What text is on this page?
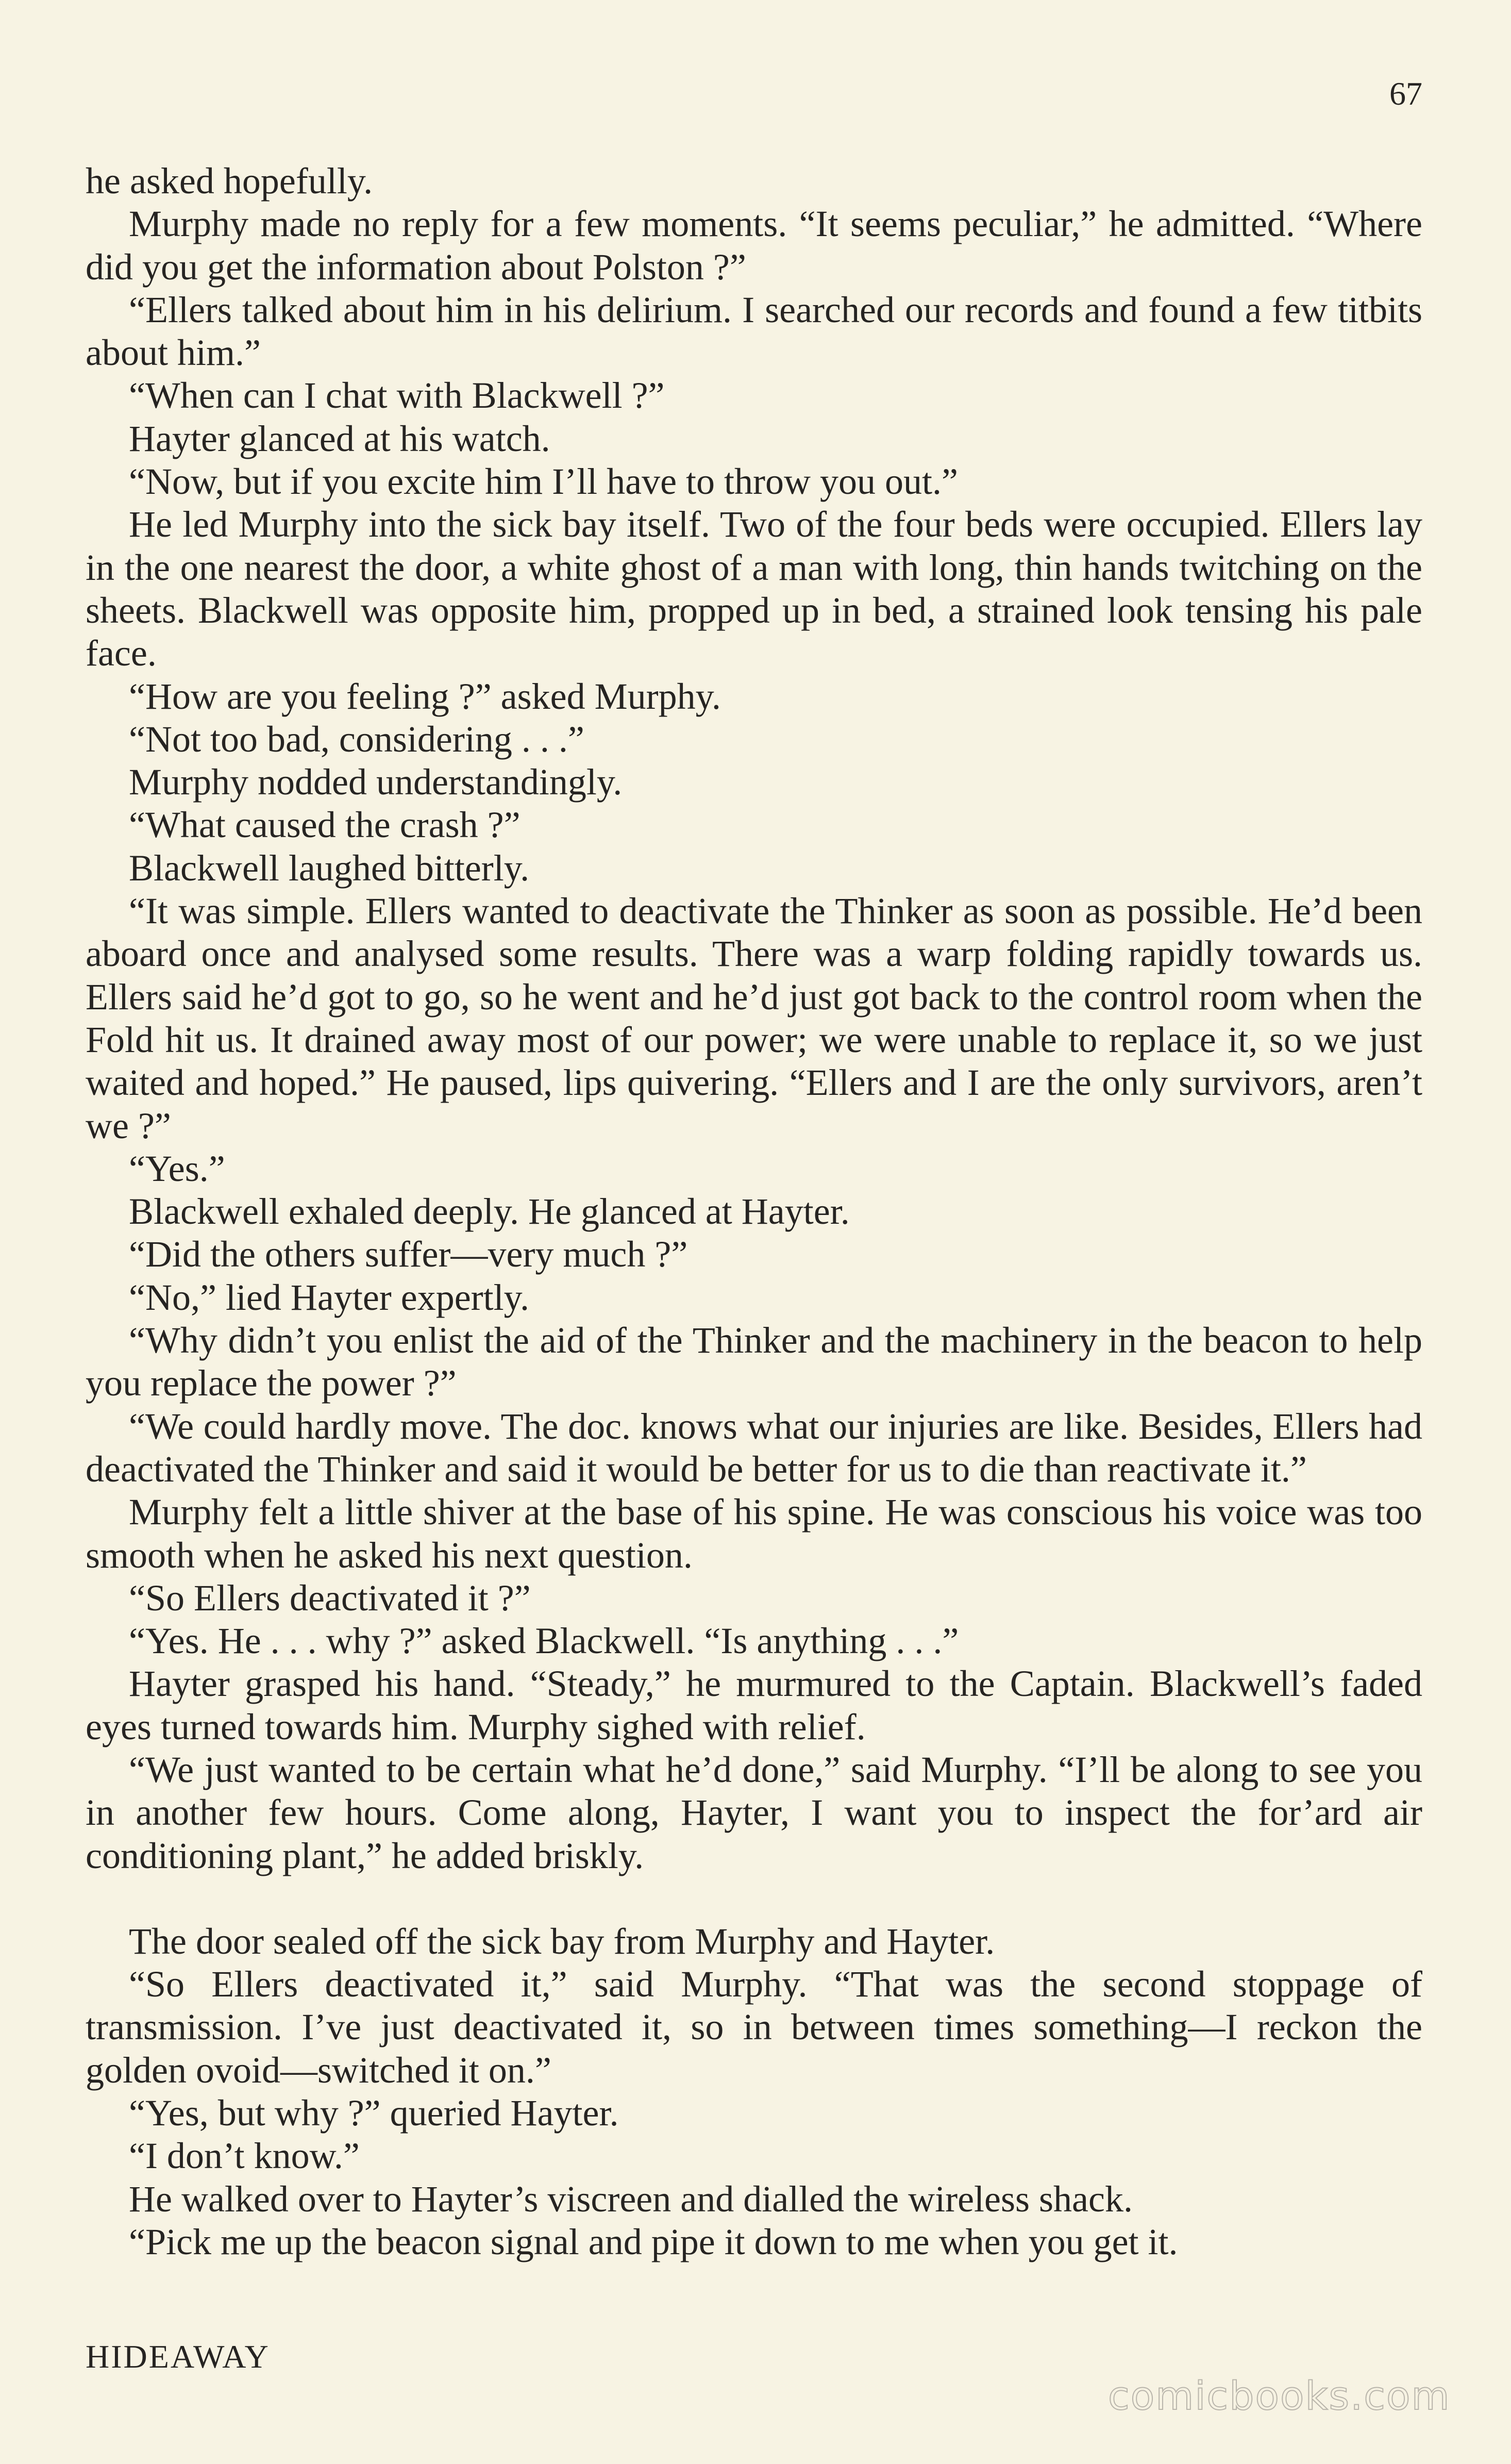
67

he asked hopefully.

Murphy made no reply for a few moments. “It seems peculiar,” he admitted. “Where did you get the information about Polston ?”

“Ellers talked about him in his delirium. I searched our records and found a few titbits about him.”

“When can I chat with Blackwell ?”

Hayter glanced at his watch.

“Now, but if you excite him I’ll have to throw you out.”

He led Murphy into the sick bay itself. Two of the four beds were occupied. Ellers lay in the one nearest the door, a white ghost of a man with long, thin hands twitching on the sheets. Blackwell was opposite him, propped up in bed, a strained look tensing his pale face.

“How are you feeling ?” asked Murphy.

“Not too bad, considering . . .”

Murphy nodded understandingly.

“What caused the crash ?”

Blackwell laughed bitterly.

“It was simple. Ellers wanted to deactivate the Thinker as soon as possible. He’d been aboard once and analysed some results. There was a warp folding rapidly towards us. Ellers said he’d got to go, so he went and he’d just got back to the control room when the Fold hit us. It drained away most of our power; we were unable to replace it, so we just waited and hoped.” He paused, lips quivering. “Ellers and I are the only survivors, aren’t we ?”

“Yes.”

Blackwell exhaled deeply. He glanced at Hayter.

“Did the others suffer—very much ?”

“No,” lied Hayter expertly.

“Why didn’t you enlist the aid of the Thinker and the machinery in the beacon to help you replace the power ?”

“We could hardly move. The doc. knows what our injuries are like. Besides, Ellers had deactivated the Thinker and said it would be better for us to die than reactivate it.”

Murphy felt a little shiver at the base of his spine. He was conscious his voice was too smooth when he asked his next question.

“So Ellers deactivated it ?”

“Yes. He . . . why ?” asked Blackwell. “Is anything . . .”

Hayter grasped his hand. “Steady,” he murmured to the Captain. Blackwell’s faded eyes turned towards him. Murphy sighed with relief.

“We just wanted to be certain what he’d done,” said Murphy. “I’ll be along to see you in another few hours. Come along, Hayter, I want you to inspect the for’ard air conditioning plant,” he added briskly.

The door sealed off the sick bay from Murphy and Hayter.

“So Ellers deactivated it,” said Murphy. “That was the second stoppage of transmission. I’ve just deactivated it, so in between times something—I reckon the golden ovoid—switched it on.”

“Yes, but why ?” queried Hayter.

“I don’t know.”

He walked over to Hayter’s viscreen and dialled the wireless shack.

“Pick me up the beacon signal and pipe it down to me when you get it.

HIDEAWAY
comicbooks.com
